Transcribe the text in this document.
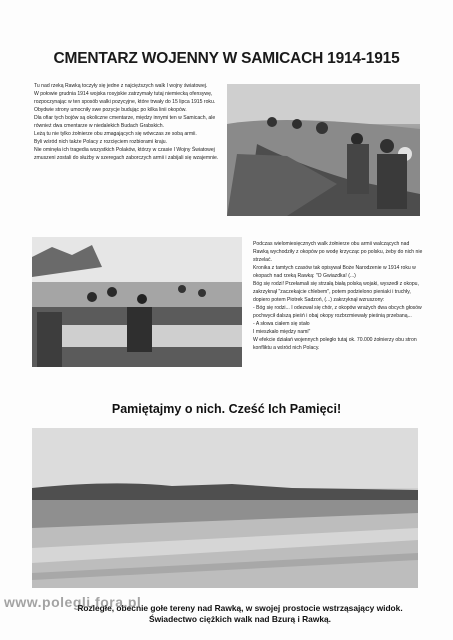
CMENTARZ WOJENNY W SAMICACH 1914-1915

Tu nad rzeką Rawką toczyły się jedne z najcięższych walk I wojny światowej.

W połowie grudnia 1914 wojska rosyjskie zatrzymały tutaj niemiecką ofensywę, rozpoczynając w ten sposób walki pozycyjne, które trwały do 15 lipca 1915 roku.

Obydwie strony umocniły swe pozycje budując po kilka linii okopów.

Dla ofiar tych bojów są okoliczne cmentarze, między innymi ten w Samicach, ale również dwa cmentarze w niedalekich Budach Grabskich.

Leżą tu nie tylko żołnierze obu zmagających się wówczas ze sobą armii.

Byli wśród nich także Polacy z rozcięciem rozbiorami kraju.

Nie ominęła ich tragedia wszystkich Polaków, którzy w czasie I Wojny Światowej zmuszeni zostali do służby w szeregach zaborczych armii i zabijali się wzajemnie.

Podczas wielomiesięcznych walk żołnierze obu armii walczących nad Rawką wychodziły z okopów po wodę krzycząc po polsku, żeby do nich nie strzelać.

Kronika z tamtych czasów tak opisywał Boże Narodzenie w 1914 roku w okopach nad rzeką Rawką: "O Gwiazdka! (...)

Bóg się rodzi! Przełamali się strzałą białą polską wojaki, wyszedł z okopu, zakrzyknął "zaczekajcie chlebem", potem podzielono pieniaki i truchły, dopiero potem Piotrek Sadzoń, (...) zakrzyknął wzruszony:

- Bóg się rodzi... I odezwał się chór, z okopów wrażych dwa obcych głosów pochwycił dalszą pieśń i obaj okopy rozbrzmiewały pieśnią przebaną...

- A słowa ciałem się stało

I mieszkało między nami"

W efekcie działań wojennych poległo tutaj ok. 70.000 żołnierzy obu stron konfliktu a wśród nich Polacy.

Pamiętajmy o nich. Cześć Ich Pamięci!
Rozległe, obecnie gołe tereny nad Rawką, w swojej prostocie wstrząsający widok.
Świadectwo ciężkich walk nad Bzurą i Rawką.
www.polegli.fora.pl
